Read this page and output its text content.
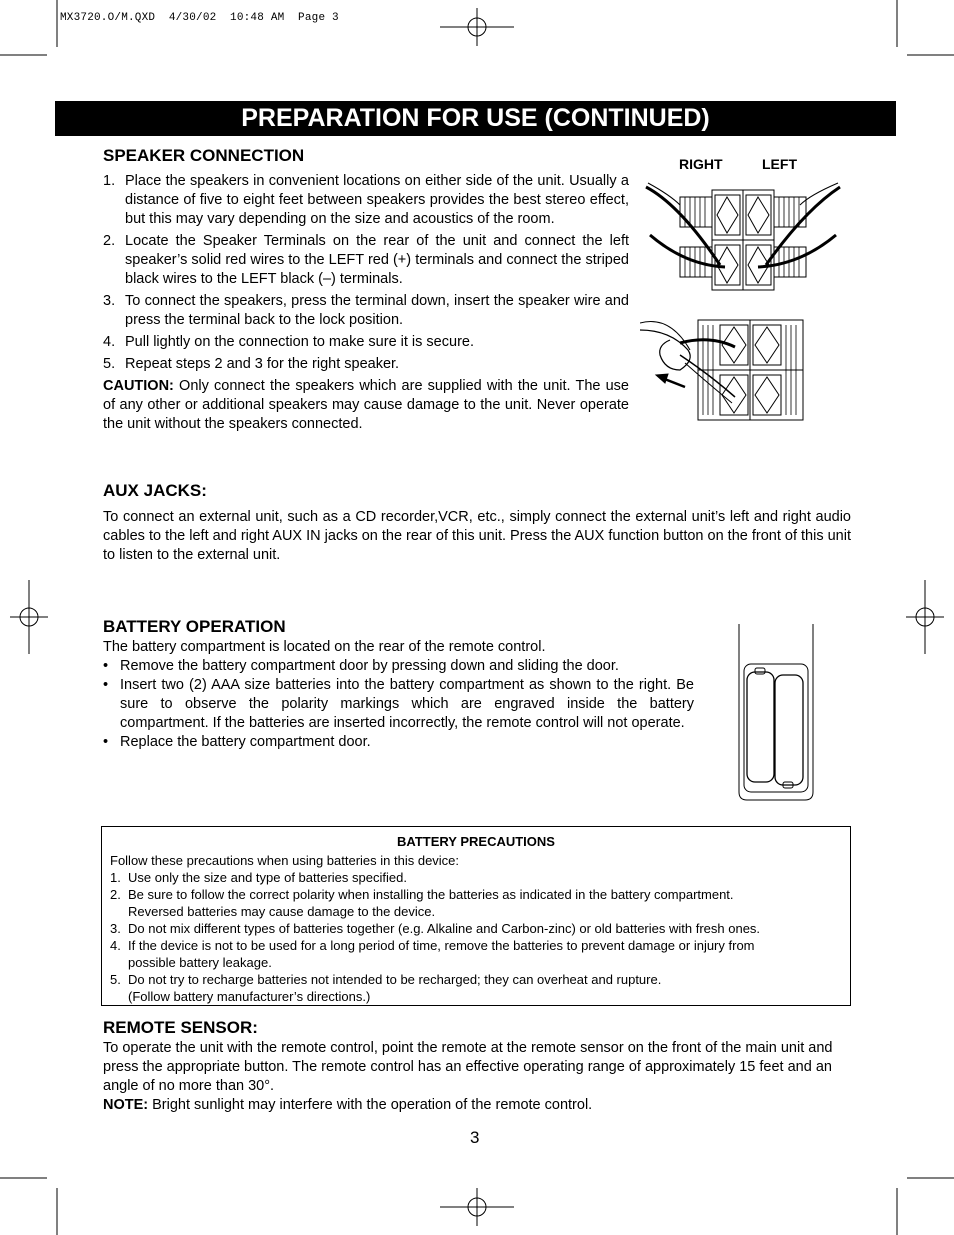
MX3720.O/M.QXD  4/30/02  10:48 AM  Page 3
PREPARATION FOR USE (CONTINUED)
SPEAKER CONNECTION
1. Place the speakers in convenient locations on either side of the unit. Usually a distance of five to eight feet between speakers provides the best stereo effect, but this may vary depending on the size and acoustics of the room.
2. Locate the Speaker Terminals on the rear of the unit and connect the left speaker’s solid red wires to the LEFT red (+) terminals and connect the striped black wires to the LEFT black (–) terminals.
3. To connect the speakers, press the terminal down, insert the speaker wire and press the terminal back to the lock position.
4. Pull lightly on the connection to make sure it is secure.
5. Repeat steps 2 and 3 for the right speaker.
CAUTION: Only connect the speakers which are supplied with the unit. The use of any other or additional speakers may cause damage to the unit. Never operate the unit without the speakers connected.
RIGHT	LEFT
AUX JACKS:
To connect an external unit, such as a CD recorder,VCR, etc., simply connect the external unit’s left and right audio cables to the left and right AUX IN jacks on the rear of this unit. Press the AUX function button on the front of this unit to listen to the external unit.
BATTERY OPERATION
The battery compartment is located on the rear of the remote control.
• Remove the battery compartment door by pressing down and sliding the door.
• Insert two (2) AAA size batteries into the battery compartment as shown to the right. Be sure to observe the polarity markings which are engraved inside the battery compartment. If the batteries are inserted incorrectly, the remote control will not operate.
• Replace the battery compartment door.
BATTERY PRECAUTIONS
Follow these precautions when using batteries in this device:
1. Use only the size and type of batteries specified.
2. Be sure to follow the correct polarity when installing the batteries as indicated in the battery compartment.
Reversed batteries may cause damage to the device.
3. Do not mix different types of batteries together (e.g. Alkaline and Carbon-zinc) or old batteries with fresh ones.
4. If the device is not to be used for a long period of time, remove the batteries to prevent damage or injury from
possible battery leakage.
5. Do not try to recharge batteries not intended to be recharged; they can overheat and rupture.
(Follow battery manufacturer’s directions.)
REMOTE SENSOR:
To operate the unit with the remote control, point the remote at the remote sensor on the front of the main unit and press the appropriate button. The remote control has an effective operating range of approximately 15 feet and an angle of no more than 30°.
NOTE: Bright sunlight may interfere with the operation of the remote control.
3
